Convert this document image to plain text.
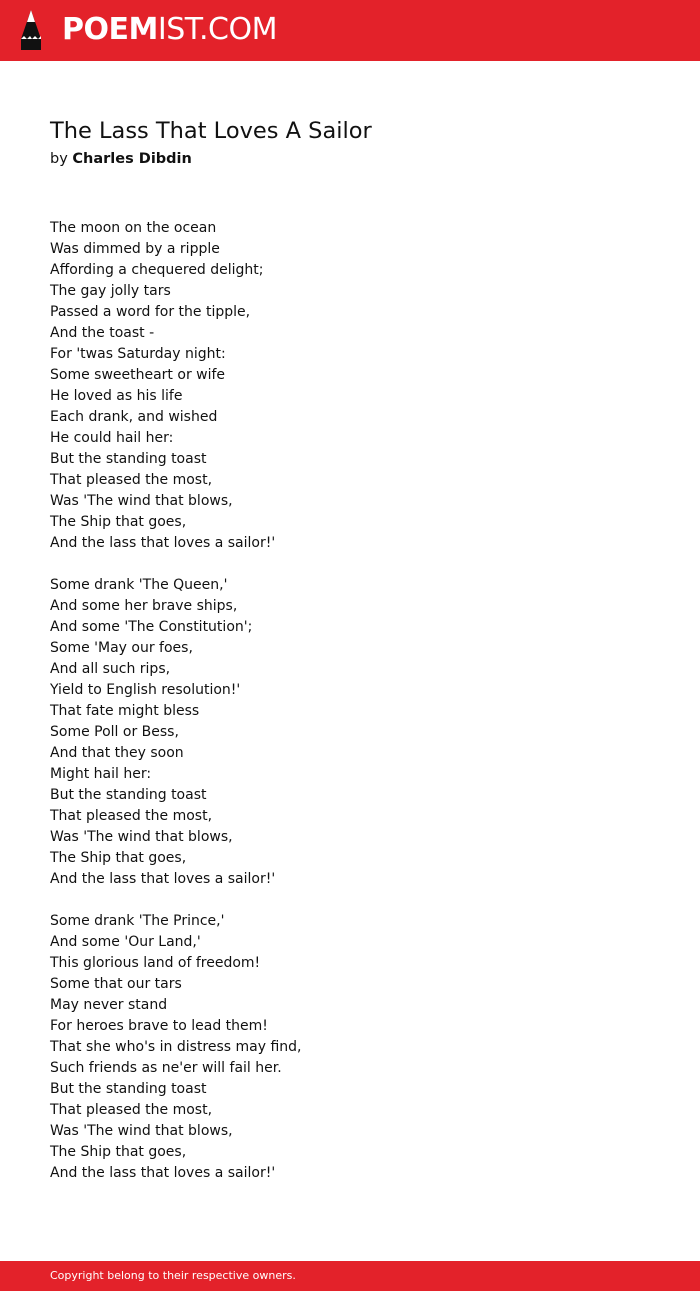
POEMIST.COM
The Lass That Loves A Sailor
by Charles Dibdin
The moon on the ocean
Was dimmed by a ripple
Affording a chequered delight;
The gay jolly tars
Passed a word for the tipple,
And the toast -
For 'twas Saturday night:
Some sweetheart or wife
He loved as his life
Each drank, and wished
He could hail her:
But the standing toast
That pleased the most,
Was 'The wind that blows,
The Ship that goes,
And the lass that loves a sailor!'
Some drank 'The Queen,'
And some her brave ships,
And some 'The Constitution';
Some 'May our foes,
And all such rips,
Yield to English resolution!'
That fate might bless
Some Poll or Bess,
And that they soon
Might hail her:
But the standing toast
That pleased the most,
Was 'The wind that blows,
The Ship that goes,
And the lass that loves a sailor!'
Some drank 'The Prince,'
And some 'Our Land,'
This glorious land of freedom!
Some that our tars
May never stand
For heroes brave to lead them!
That she who's in distress may find,
Such friends as ne'er will fail her.
But the standing toast
That pleased the most,
Was 'The wind that blows,
The Ship that goes,
And the lass that loves a sailor!'
Copyright belong to their respective owners.
